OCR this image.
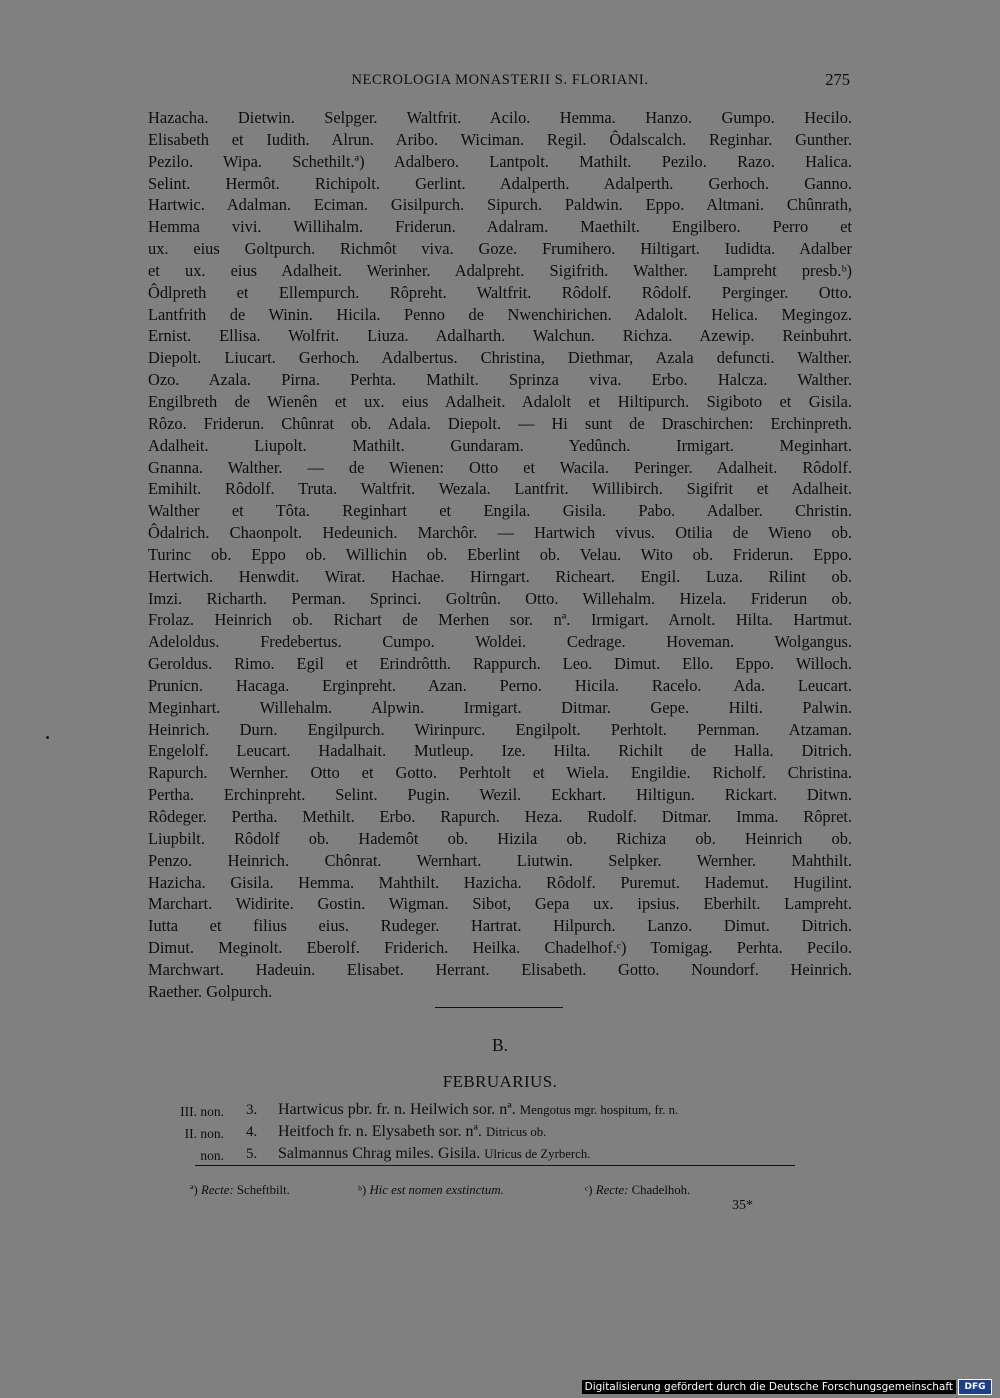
NECROLOGIA MONASTERII S. FLORIANI.	275
Hazacha. Dietwin. Selpger. Waltfrit. Acilo. Hemma. Hanzo. Gumpo. Hecilo.
Elisabeth et Iudith. Alrun. Aribo. Wiciman. Regil. Ôdalscalch. Reginhar. Gunther.
Pezilo. Wipa. Schethilt.ª) Adalbero. Lantpolt. Mathilt. Pezilo. Razo. Halica.
Selint. Hermôt. Richipolt. Gerlint. Adalperth. Adalperth. Gerhoch. Ganno.
Hartwic. Adalman. Eciman. Gisilpurch. Sipurch. Paldwin. Eppo. Altmani. Chûnrath,
Hemma vivi. Willihalm. Friderun. Adalram. Maethilt. Engilbero. Perro et
ux. eius Goltpurch. Richmôt viva. Goze. Frumihero. Hiltigart. Iudidta. Adalber
et ux. eius Adalheit. Werinher. Adalpreht. Sigifrith. Walther. Lampreht presb.ᵇ)
Ôdlpreth et Ellempurch. Rôpreht. Waltfrit. Rôdolf. Rôdolf. Perginger. Otto.
Lantfrith de Winin. Hicila. Penno de Nwenchirichen. Adalolt. Helica. Megingoz.
Ernist. Ellisa. Wolfrit. Liuza. Adalharth. Walchun. Richza. Azewip. Reinbuhrt.
Diepolt. Liucart. Gerhoch. Adalbertus. Christina, Diethmar, Azala defuncti. Walther.
Ozo. Azala. Pirna. Perhta. Mathilt. Sprinza viva. Erbo. Halcza. Walther.
Engilbreth de Wienên et ux. eius Adalheit. Adalolt et Hiltipurch. Sigiboto et Gisila.
Rôzo. Friderun. Chûnrat ob. Adala. Diepolt. — Hi sunt de Draschirchen: Erchinpreth.
Adalheit. Liupolt. Mathilt. Gundaram. Yedûnch. Irmigart. Meginhart.
Gnanna. Walther. — de Wienen: Otto et Wacila. Peringer. Adalheit. Rôdolf.
Emihilt. Rôdolf. Truta. Waltfrit. Wezala. Lantfrit. Willibirch. Sigifrit et Adalheit.
Walther et Tôta. Reginhart et Engila. Gisila. Pabo. Adalber. Christin.
Ôdalrich. Chaonpolt. Hedeunich. Marchôr. — Hartwich vivus. Otilia de Wieno ob.
Turinc ob. Eppo ob. Willichin ob. Eberlint ob. Velau. Wito ob. Friderun. Eppo.
Hertwich. Henwdit. Wirat. Hachae. Hirngart. Richeart. Engil. Luza. Rilint ob.
Imzi. Richarth. Perman. Sprinci. Goltrûn. Otto. Willehalm. Hizela. Friderun ob.
Frolaz. Heinrich ob. Richart de Merhen sor. nª. Irmigart. Arnolt. Hilta. Hartmut.
Adeloldus. Fredebertus. Cumpo. Woldei. Cedrage. Hoveman. Wolgangus.
Geroldus. Rimo. Egil et Erindrôtth. Rappurch. Leo. Dimut. Ello. Eppo. Willoch.
Prunicn. Hacaga. Erginpreht. Azan. Perno. Hicila. Racelo. Ada. Leucart.
Meginhart. Willehalm. Alpwin. Irmigart. Ditmar. Gepe. Hilti. Palwin.
Heinrich. Durn. Engilpurch. Wirinpurc. Engilpolt. Perhtolt. Pernman. Atzaman.
Engelolf. Leucart. Hadalhait. Mutleup. Ize. Hilta. Richilt de Halla. Ditrich.
Rapurch. Wernher. Otto et Gotto. Perhtolt et Wiela. Engildie. Richolf. Christina.
Pertha. Erchinpreht. Selint. Pugin. Wezil. Eckhart. Hiltigun. Rickart. Ditwn.
Rôdeger. Pertha. Methilt. Erbo. Rapurch. Heza. Rudolf. Ditmar. Imma. Rôpret.
Liupbilt. Rôdolf ob. Hademôt ob. Hizila ob. Richiza ob. Heinrich ob.
Penzo. Heinrich. Chônrat. Wernhart. Liutwin. Selpker. Wernher. Mahthilt.
Hazicha. Gisila. Hemma. Mahthilt. Hazicha. Rôdolf. Puremut. Hademut. Hugilint.
Marchart. Widirite. Gostin. Wigman. Sibot, Gepa ux. ipsius. Eberhilt. Lampreht.
Iutta et filius eius. Rudeger. Hartrat. Hilpurch. Lanzo. Dimut. Ditrich.
Dimut. Meginolt. Eberolf. Friderich. Heilka. Chadelhof.ᶜ) Tomigag. Perhta. Pecilo.
Marchwart. Hadeuin. Elisabet. Herrant. Elisabeth. Gotto. Noundorf. Heinrich.
Raether. Golpurch.
B.
FEBRUARIUS.
III. non. 3. Hartwicus pbr. fr. n. Heilwich sor. nª. Mengotus mgr. hospitum, fr. n.
II. non. 4. Heitfoch fr. n. Elysabeth sor. nª. Ditricus ob.
non. 5. Salmannus Chrag miles. Gisila. Ulricus de Zyrberch.
ª) Recte: Scheftbilt.	ᵇ) Hic est nomen exstinctum.	ᶜ) Recte: Chadelhoh.
35*
Digitalisierung gefördert durch die Deutsche Forschungsgemeinschaft	DFG
